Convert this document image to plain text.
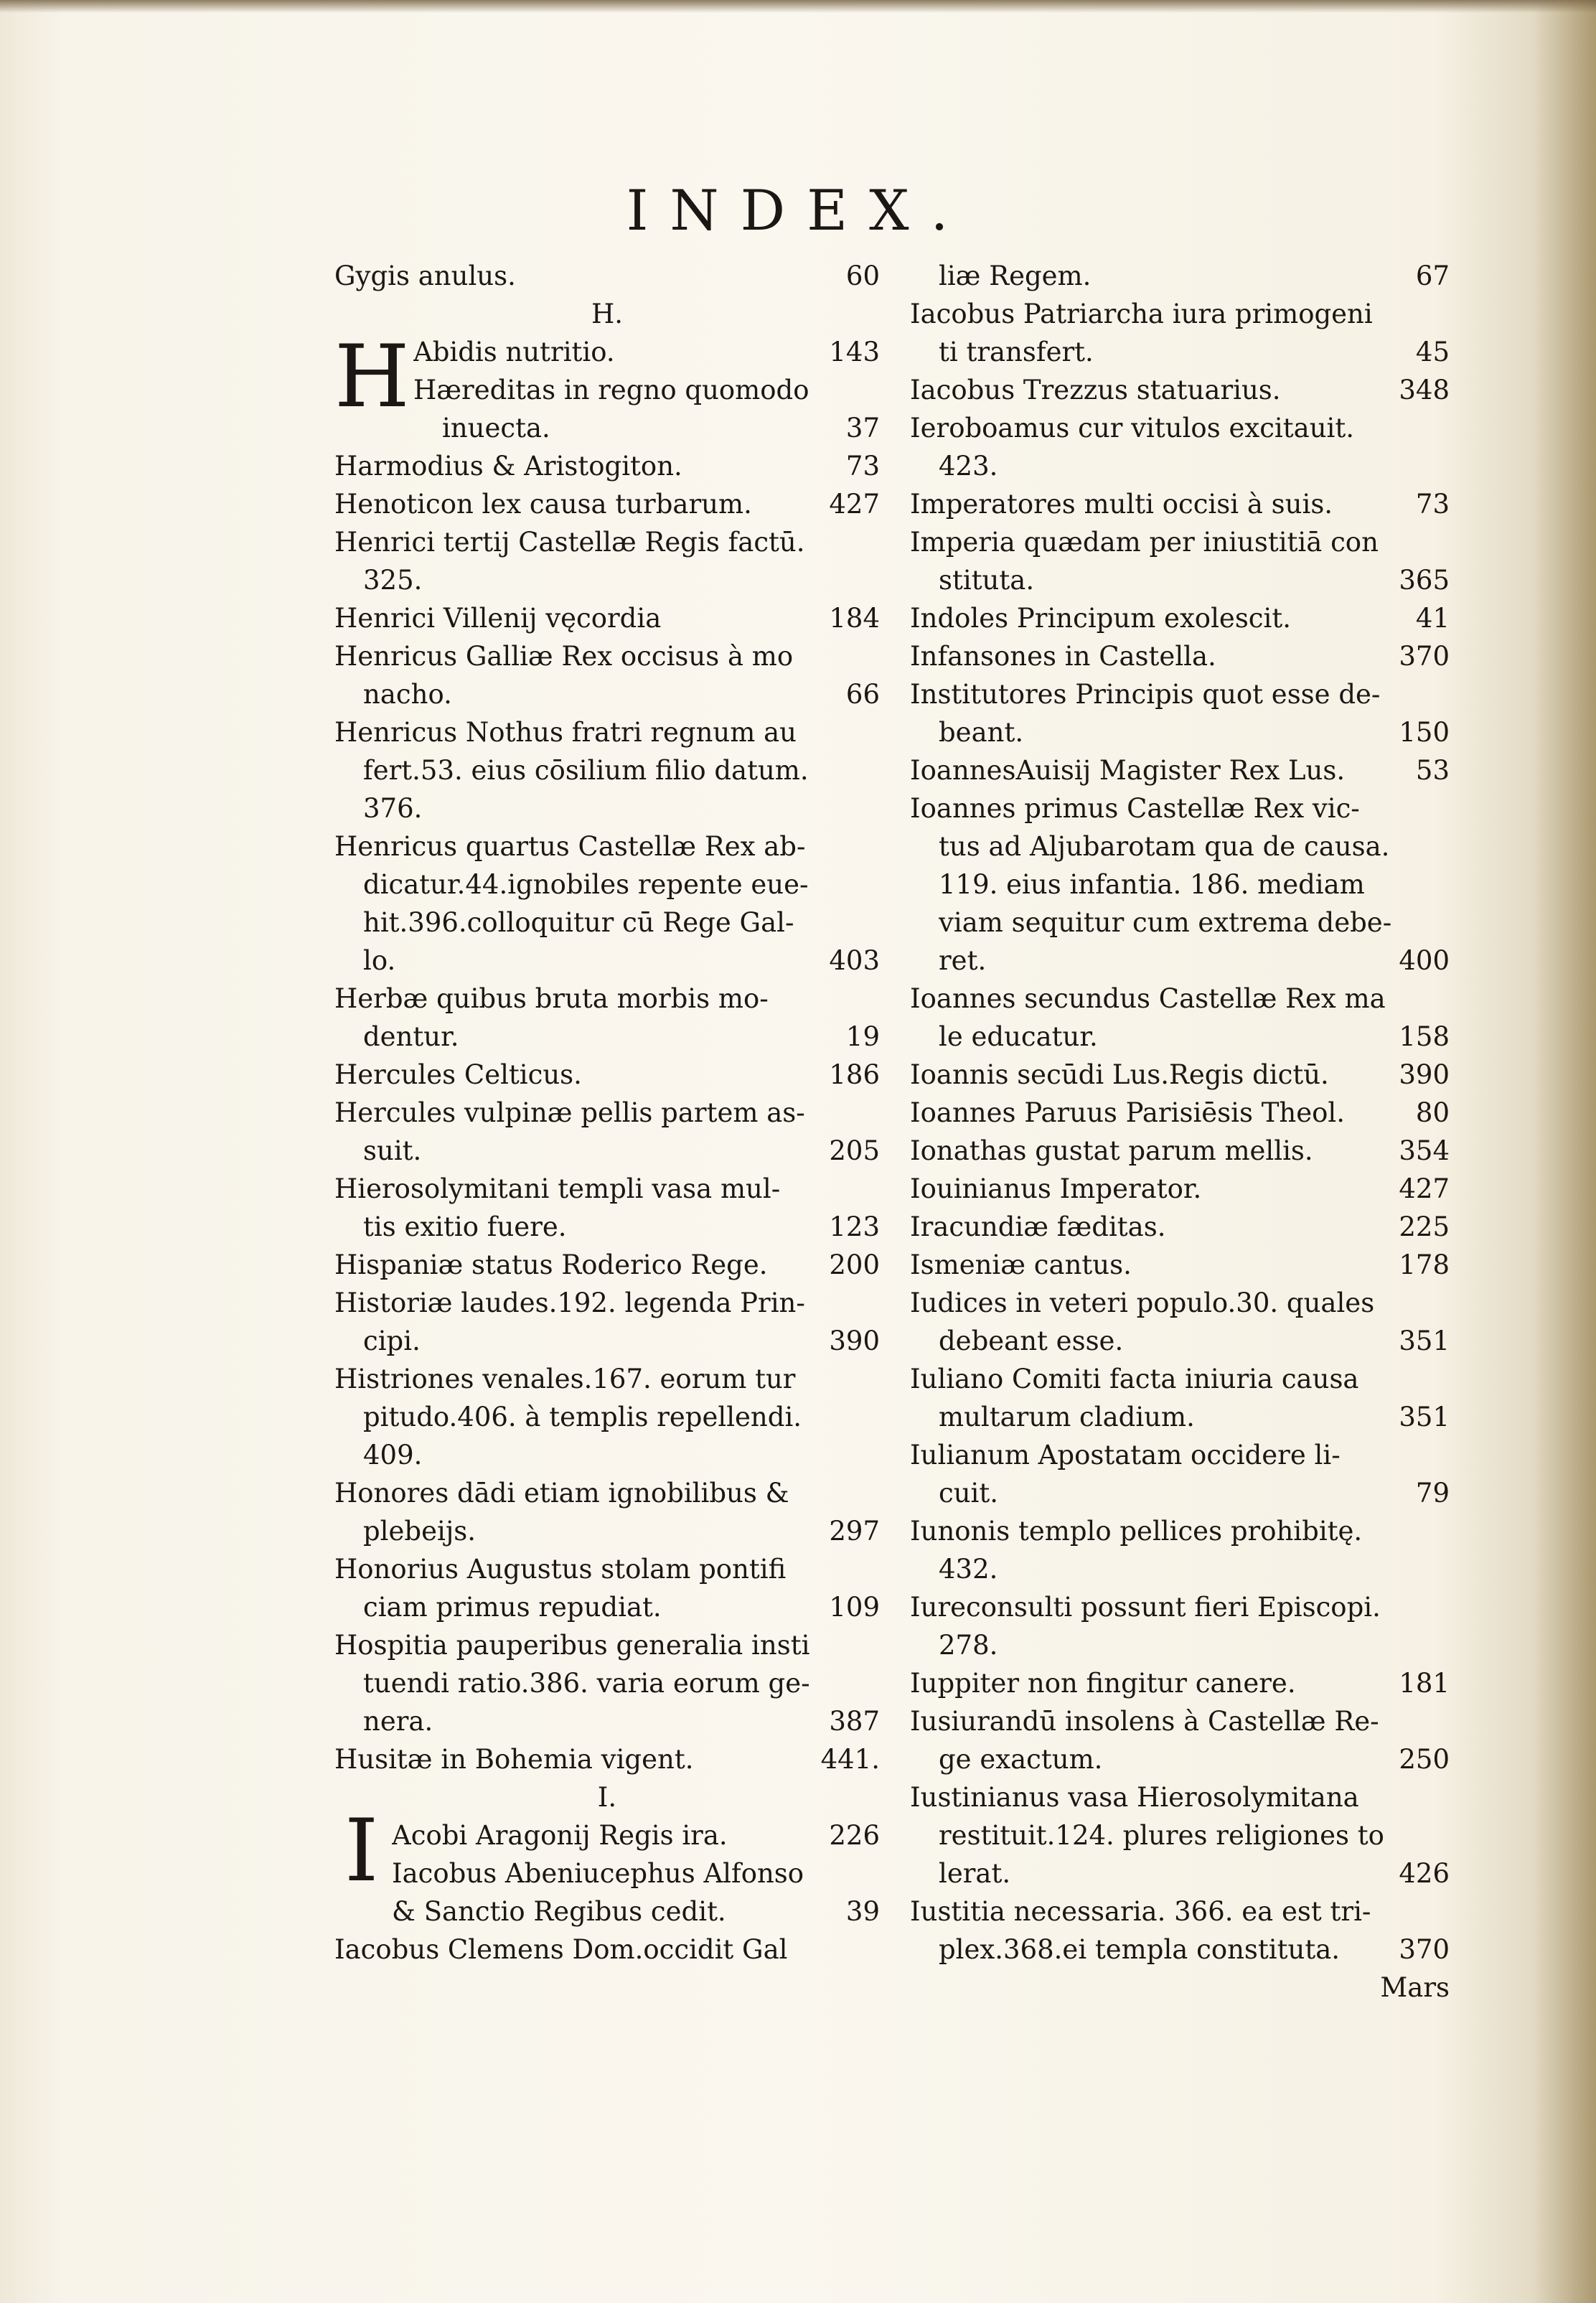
INDEX.
H
I
Gygis anulus.	60
H.
Abidis nutritio.	143
Hæreditas in regno quomodo
inuecta.	37
Harmodius & Aristogiton.	73
Henoticon lex causa turbarum.	427
Henrici tertij Castellæ Regis factū.
325.
Henrici Villenij vęcordia	184
Henricus Galliæ Rex occisus à mo
nacho.	66
Henricus Nothus fratri regnum au
fert.53. eius cōsilium filio datum.
376.
Henricus quartus Castellæ Rex ab-
dicatur.44.ignobiles repente eue-
hit.396.colloquitur cū Rege Gal-
lo.	403
Herbæ quibus bruta morbis mo-
dentur.	19
Hercules Celticus.	186
Hercules vulpinæ pellis partem as-
suit.	205
Hierosolymitani templi vasa mul-
tis exitio fuere.	123
Hispaniæ status Roderico Rege.	200
Historiæ laudes.192. legenda Prin-
cipi.	390
Histriones venales.167. eorum tur
pitudo.406. à templis repellendi.
409.
Honores dādi etiam ignobilibus &
plebeijs.	297
Honorius Augustus stolam pontifi
ciam primus repudiat.	109
Hospitia pauperibus generalia insti
tuendi ratio.386. varia eorum ge-
nera.	387
Husitæ in Bohemia vigent.	441.
I.
Acobi Aragonij Regis ira.	226
Iacobus Abeniucephus Alfonso
& Sanctio Regibus cedit.	39
Iacobus Clemens Dom.occidit Gal
liæ Regem.	67
Iacobus Patriarcha iura primogeni
ti transfert.	45
Iacobus Trezzus statuarius.	348
Ieroboamus cur vitulos excitauit.
423.
Imperatores multi occisi à suis.	73
Imperia quædam per iniustitiā con
stituta.	365
Indoles Principum exolescit.	41
Infansones in Castella.	370
Institutores Principis quot esse de-
beant.	150
IoannesAuisij Magister Rex Lus.	53
Ioannes primus Castellæ Rex vic-
tus ad Aljubarotam qua de causa.
119. eius infantia. 186. mediam
viam sequitur cum extrema debe-
ret.	400
Ioannes secundus Castellæ Rex ma
le educatur.	158
Ioannis secūdi Lus.Regis dictū.	390
Ioannes Paruus Parisiēsis Theol.	80
Ionathas gustat parum mellis.	354
Iouinianus Imperator.	427
Iracundiæ fæditas.	225
Ismeniæ cantus.	178
Iudices in veteri populo.30. quales
debeant esse.	351
Iuliano Comiti facta iniuria causa
multarum cladium.	351
Iulianum Apostatam occidere li-
cuit.	79
Iunonis templo pellices prohibitę.
432.
Iureconsulti possunt fieri Episcopi.
278.
Iuppiter non fingitur canere.	181
Iusiurandū insolens à Castellæ Re-
ge exactum.	250
Iustinianus vasa Hierosolymitana
restituit.124. plures religiones to
lerat.	426
Iustitia necessaria. 366. ea est tri-
plex.368.ei templa constituta.	370
Mars
